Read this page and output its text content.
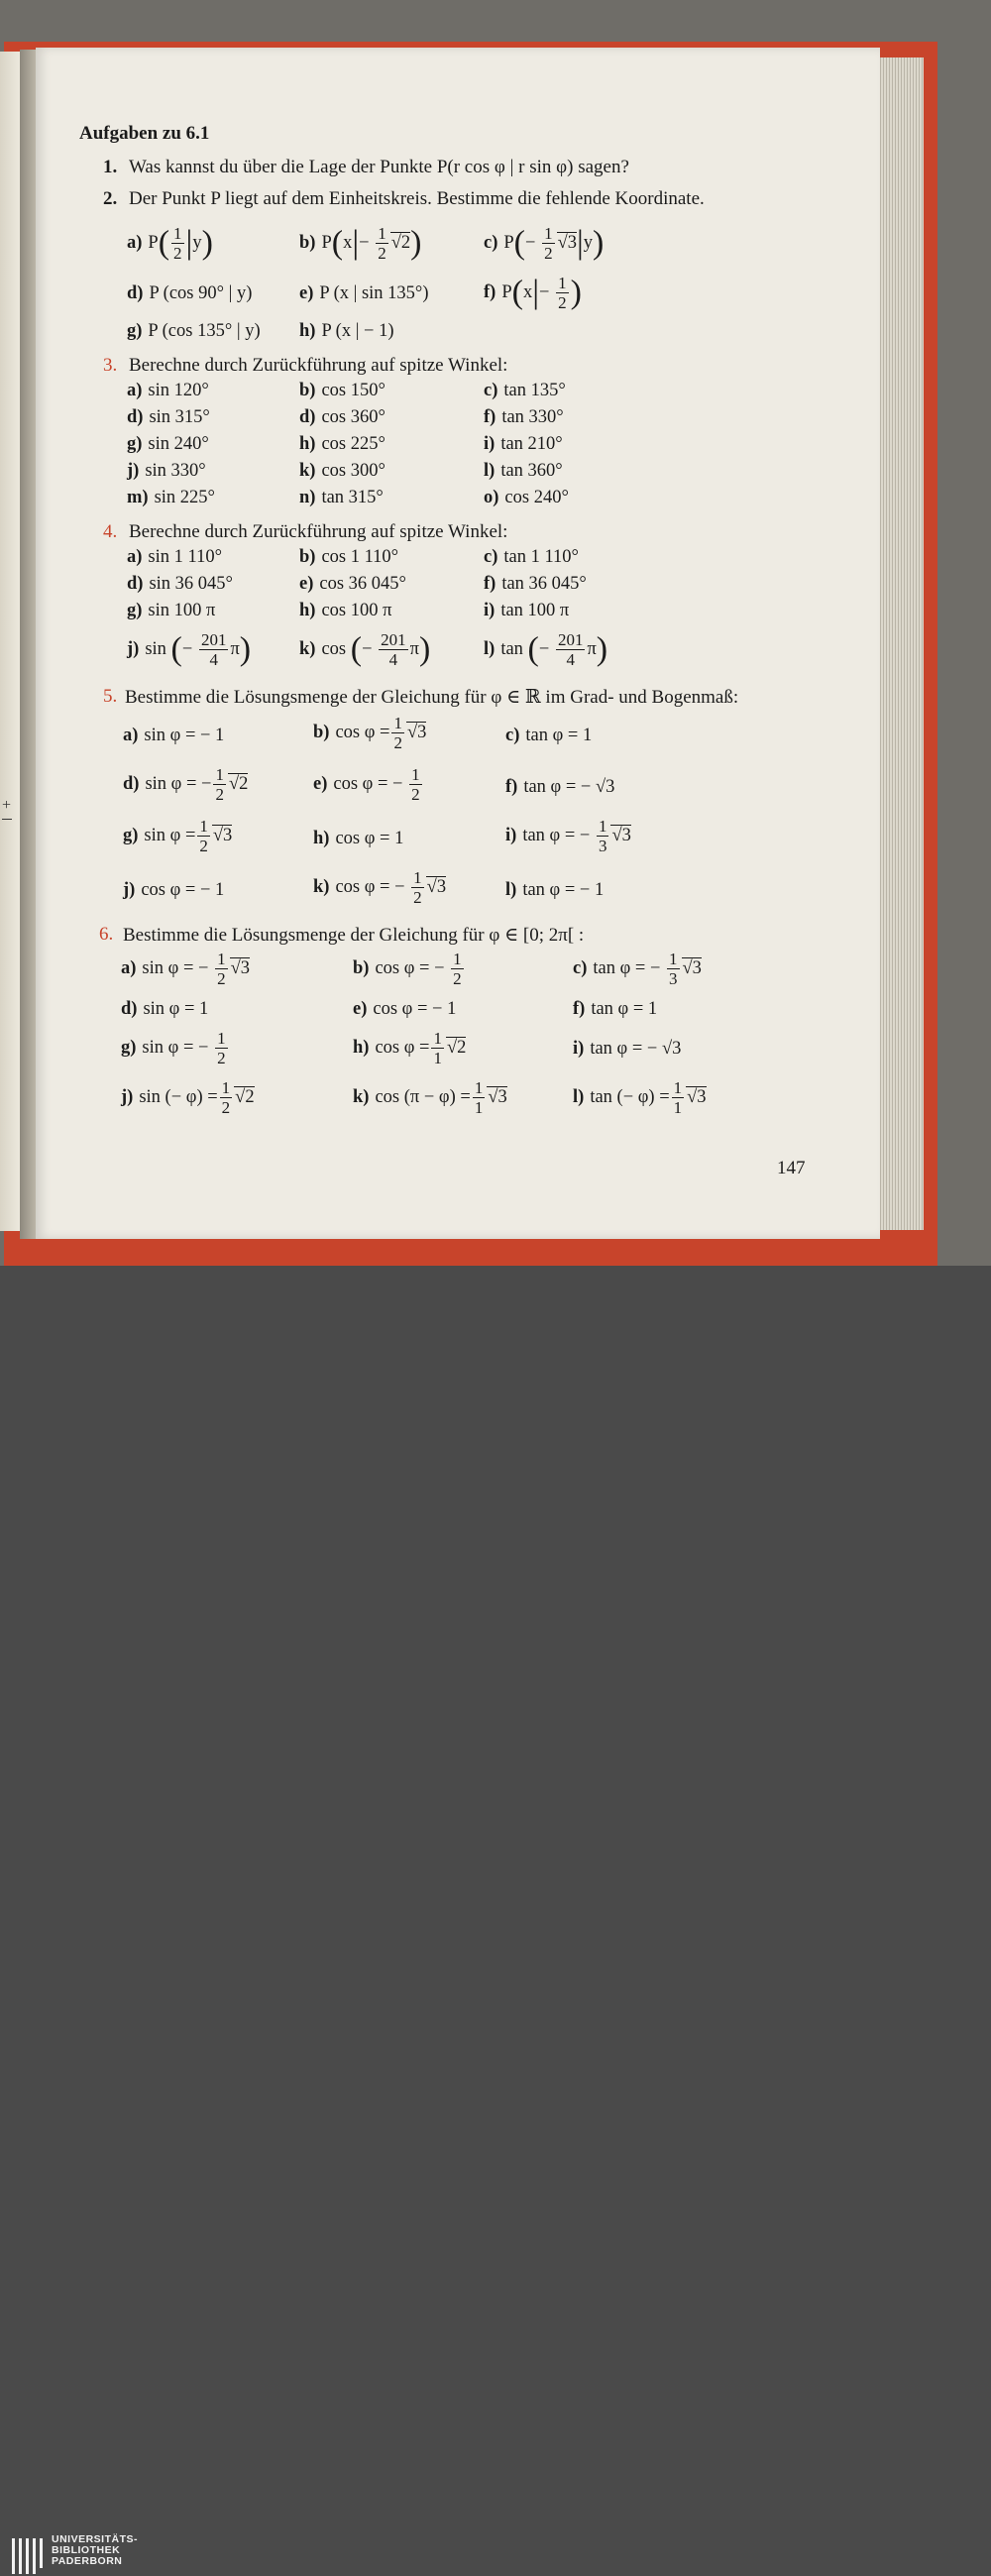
+
Aufgaben zu 6.1
1. Was kannst du über die Lage der Punkte P(r cos φ | r sin φ) sagen?
2. Der Punkt P liegt auf dem Einheitskreis. Bestimme die fehlende Koordinate.
a) $P( \frac{1}{2} |y)$	b) $P(x|- \frac{1}{2} √2)$	c) $P(- \frac{1}{2} √3|y)$
d) P (cos 90° | y)	e) P (x | sin 135°)	f) $P(x|- \frac{1}{2}$ )
g) P (cos 135° | y) h) P (x | − 1)
3. Berechne durch Zurückführung auf spitze Winkel:
a) sin 120°	b) cos 150°	c) tan 135°
d) sin 315°	d) cos 360°	f) tan 330°
g) sin 240°	h) cos 225°	i) tan 210°
j) sin 330°	k) cos 300°	l) tan 360°
m) sin 225°	n) tan 315°	o) cos 240°
4. Berechne durch Zurückführung auf spitze Winkel:
a) sin 1 110°	b) cos 1 110°	c) tan 1 110°
d) sin 36 045°	e) cos 36 045°	f) tan 36 045°
g) sin 100 π	h) cos 100 π	i) tan 100 π
j) sin (− $\frac{201}{4} \pi$)	k) cos (− $\frac{201}{4} \pi$)	l) tan (− $\frac{201}{4} \pi$)
5. Bestimme die Lösungsmenge der Gleichung für φ ∈ ℝ im Grad- und Bogenmaß:
a) sin φ = − 1	b) $\cos \varphi = \frac{1}{2} √3$	c) tan φ = 1
d) sin φ = − $\frac{1}{2} √2$	e) cos φ = − $\frac{1}{2}$	f) tan φ = − √3
g) $\sin \varphi = \frac{1}{2} √3$	h) cos φ = 1	i) tan φ = − $\frac{1}{3} √3$
j) cos φ = − 1	k) cos φ = − $\frac{1}{2} √3$	l) tan φ = − 1
6. Bestimme die Lösungsmenge der Gleichung für φ ∈ [0; 2π[ :
a) sin φ = − $\frac{1}{2} √3$	b) cos φ = − $\frac{1}{2}$	c) tan φ = − $\frac{1}{3} √3$
d) sin φ = 1	e) cos φ = − 1	f) tan φ = 1
g) sin φ = − $\frac{1}{2}$	h) $\cos \varphi = \frac{1}{1} √2$	i) tan φ = − √3
j) sin (− $\varphi) = \frac{1}{2} √2$	k) $\cos (\pi - \varphi) = \frac{1}{1} √3$	l) tan (− $\varphi) = \frac{1}{1} √3$
147
UNIVERSITÄTS-
BIBLIOTHEK
PADERBORN
